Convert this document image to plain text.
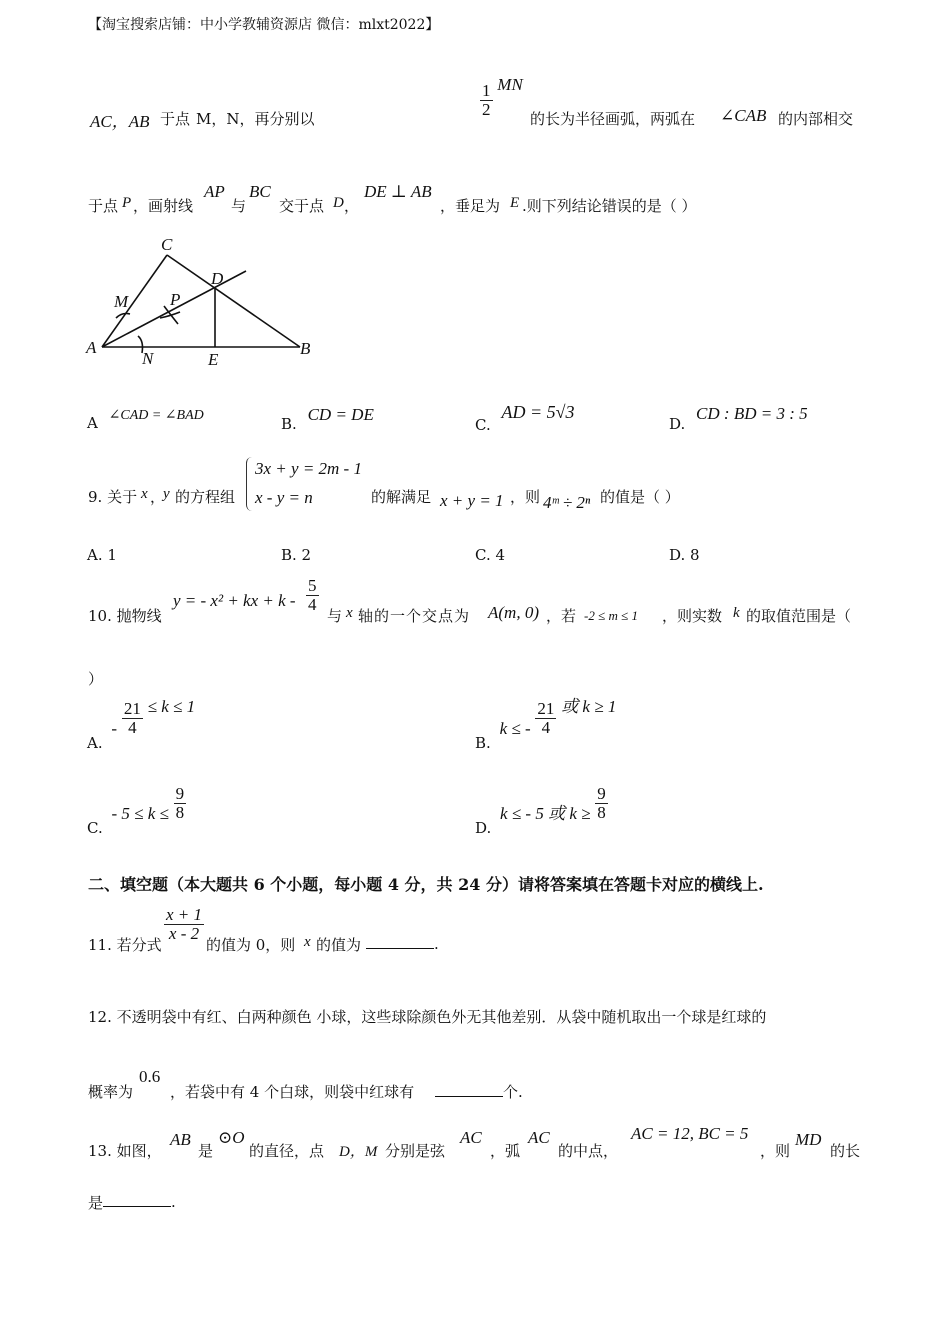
【淘宝搜索店铺：中小学教辅资源店 微信：mlxt2022】
AC，AB 于点 M，N，再分别以
$\frac{1}{2}$ MN
的长为半径画弧，两弧在 ∠CAB 的内部相交
于点 P ，画射线
AP
与
BC
交于点 D ，
DE ⊥ AB
，垂足为 E .则下列结论错误的是（ ）
A	B
C
D
E
M
N
P
A ∠CAD = ∠BAD	B. CD = DE
C. AD = 5√3
D. CD : BD = 3 : 5
9. 关于 x ，
y 的方程组
3x + y = 2m - 1
x - y = n	的解满足 x + y = 1 ，则 4ᵐ ÷ 2ⁿ 的值是（ ）
A. 1	B. 2	C. 4	D. 8
10. 抛物线
y = - x² + kx + k - $\frac{5}{4}$
与 x 轴的一个交点为 A(m, 0) ，若 -2 ≤ m ≤ 1 ，则实数 k 的取值范围是（
）
A. - $\frac{21}{4} \le k \le 1$
B. k ≤ - $\frac{21}{4}$ 或 k ≥ 1
C. - $5 \le k \le \frac{9}{8}$
D. k ≤ - 5 或 $k \ge \frac{9}{8}$
二、填空题（本大题共 6 个小题，每小题 4 分，共 24 分）请将答案填在答题卡对应的横线上.
11. 若分式
$\frac{x + 1}{x - 2}$
的值为 0，则 x 的值为	.
12. 不透明袋中有红、白两种颜色 小球，这些球除颜色外无其他差别．从袋中随机取出一个球是红球的
概率为
0.6
，若袋中有 4 个白球，则袋中红球有	个.
13. 如图，
AB
是
⊙O
的直径，点 D，M 分别是弦
AC
，弧
AC
的中点，
AC = 12, BC = 5
，则
MD
的长
是	.
